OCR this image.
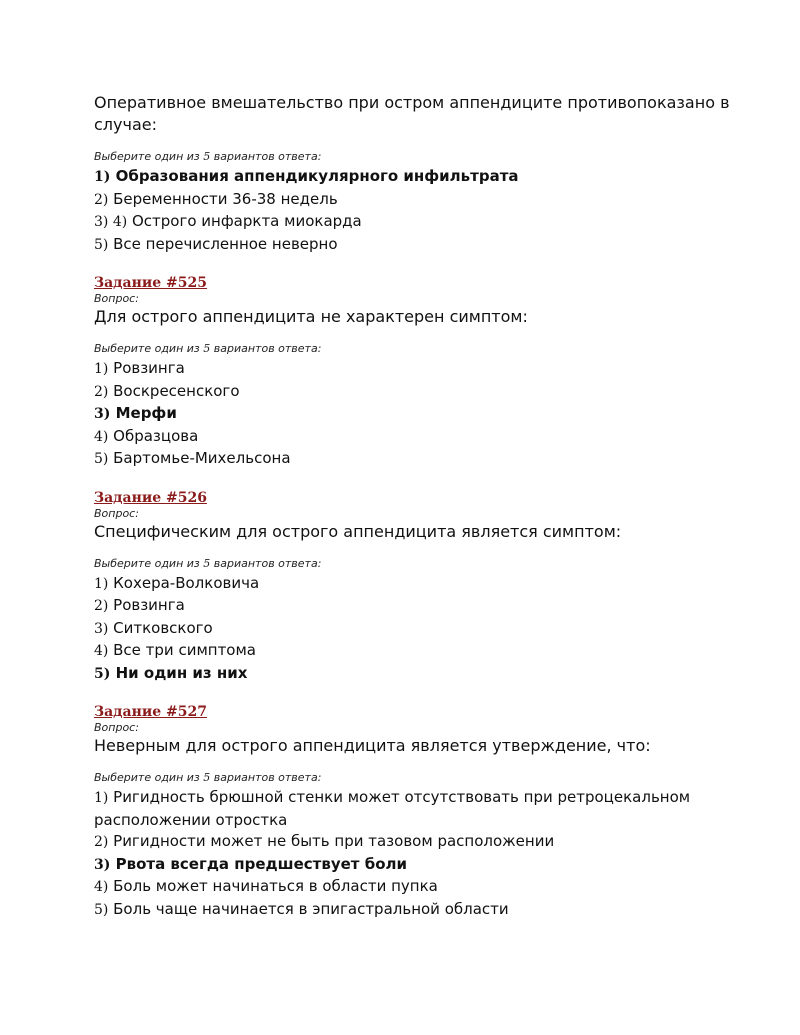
Оперативное вмешательство при остром аппендиците противопоказано в случае:

Выберите один из 5 вариантов ответа:
1) Образования аппендикулярного инфильтрата
2) Беременности 36-38 недель
3) 4) Острого инфаркта миокарда
5) Все перечисленное неверно
Задание #525
Вопрос:

Для острого аппендицита не характерен симптом:

Выберите один из 5 вариантов ответа:
1) Ровзинга
2) Воскресенского
3) Мерфи
4) Образцова
5) Бартомье-Михельсона
Задание #526
Вопрос:

Специфическим для острого аппендицита является симптом:

Выберите один из 5 вариантов ответа:
1) Кохера-Волковича
2) Ровзинга
3) Ситковского
4) Все три симптома
5) Ни один из них
Задание #527
Вопрос:

Неверным для острого аппендицита является утверждение, что:

Выберите один из 5 вариантов ответа:
1) Ригидность брюшной стенки может отсутствовать при ретроцекальном расположении отростка
2) Ригидности может не быть при тазовом расположении
3) Рвота всегда предшествует боли
4) Боль может начинаться в области пупка
5) Боль чаще начинается в эпигастральной области
